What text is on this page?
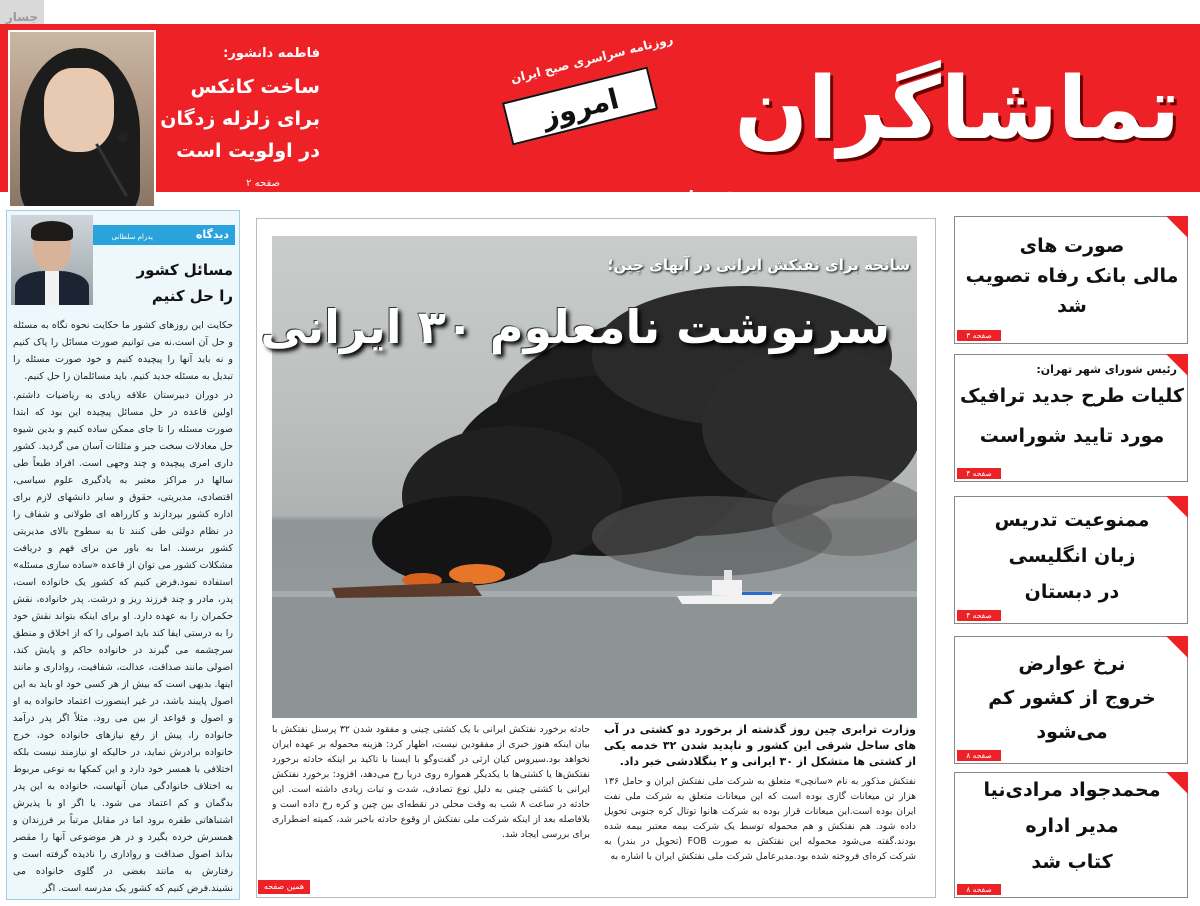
جسار
تماشاگران
امروز
روزنامه سراسری صبح ایران
شماره ۳۶۹ /روزنامه هنری، ورزشی و اجتماعی/ ۸ صفحه - دوشنبه ۱۸دی ۱۳۹۶
۱۰۰۰ تومان
فاطمه دانشور:
ساخت کانکس
برای زلزله زدگان
در اولویت است
صفحه ۲
دیدگاه
پدرام سلطانی
مسائل کشور
را حل کنیم

حکایت این روزهای کشور ما حکایت نحوه نگاه به مسئله و حل آن است.نه می توانیم صورت مسائل را پاک کنیم و نه باید آنها را پیچیده کنیم و خود صورت مسئله را تبدیل به مسئله جدید کنیم. باید مسائلمان را حل کنیم.

در دوران دبیرستان علاقه زیادی به ریاضیات داشتم. اولین قاعده در حل مسائل پیچیده این بود که ابتدا صورت مسئله را تا جای ممکن ساده کنیم و بدین شیوه حل معادلات سخت جبر و مثلثات آسان می گردید. کشور داری امری پیچیده و چند وجهی است. افراد طبعاً طی سالها در مراکز معتبر به یادگیری علوم سیاسی، اقتصادی، مدیریتی، حقوق و سایر دانشهای لازم برای اداره کشور بپردازند و کارراهه ای طولانی و شفاف را در نظام دولتی طی کنند تا به سطوح بالای مدیریتی کشور برسند. اما به باور من برای فهم و دریافت مشکلات کشور می توان از قاعده «ساده سازی مسئله» استفاده نمود.فرض کنیم که کشور یک خانواده است، پدر، مادر و چند فرزند ریز و درشت. پدر خانواده، نقش حکمران را به عهده دارد. او برای اینکه بتواند نقش خود را به درستی ایفا کند باید اصولی را که از اخلاق و منطق سرچشمه می گیرند در خانواده حاکم و پایش کند، اصولی مانند صداقت، عدالت، شفافیت، رواداری و مانند اینها. بدیهی است که بیش از هر کسی خود او باید به این اصول پایبند باشد، در غیر اینصورت اعتماد خانواده به او و اصول و قواعد از بین می رود. مثلاً اگر پدر درآمد خانواده را، پیش از رفع نیازهای خانواده خود، خرج خانواده برادرش نماید، در حالیکه او نیازمند نیست بلکه اختلافی با همسر خود دارد و این کمکها به نوعی مربوط به اختلاف خانوادگی میان آنهاست، خانواده به این پدر بدگمان و کم اعتماد می شود. یا اگر او با پذیرش اشتباهاتی طفره برود اما در مقابل مرتباً بر فرزندان و همسرش خرده بگیرد و در هر موضوعی آنها را مقصر بداند اصول صداقت و رواداری را نادیده گرفته است و رفتارش به مانند بغضی در گلوی خانواده می نشیند.فرض کنیم که کشور یک مدرسه است. اگر

سانحه برای نفتکش ایرانی در آبهای چین؛
سرنوشت نامعلوم ۳۰ ایرانی
وزارت ترابری چین روز گذشته از برخورد دو کشتی در آب های ساحل شرقی این کشور و ناپدید شدن ۳۲ خدمه یکی از کشتی ها متشکل از ۳۰ ایرانی و ۲ بنگلادشی خبر داد.
نفتکش مذکور به نام «سانچی» متعلق به شرکت ملی نفتکش ایران و حامل ۱۳۶ هزار تن میعانات گازی بوده است که این میعانات متعلق به شرکت ملی نفت ایران بوده است.این میعانات قرار بوده به شرکت هانوا توتال کره جنوبی تحویل داده شود. هم نفتکش و هم محموله توسط یک شرکت بیمه معتبر بیمه شده بودند.گفته می‌شود محموله این نفتکش به صورت FOB (تحویل در بندر) به شرکت کره‌ای فروخته شده بود.مدیرعامل شرکت ملی نفتکش ایران با اشاره به
حادثه برخورد نفتکش ایرانی با یک کشتی چینی و مفقود شدن ۳۲ پرسنل نفتکش با بیان اینکه هنوز خبری از مفقودین نیست، اظهار کرد: هزینه محموله بر عهده ایران نخواهد بود.سیروس کیان ارثی در گفت‌وگو با ایسنا با تاکید بر اینکه حادثه برخورد نفتکش‌ها یا کشتی‌ها با یکدیگر همواره روی دریا رخ می‌دهد، افزود: برخورد نفتکش ایرانی با کشتی چینی به دلیل نوع تصادف، شدت و تبات زیادی داشته است. این حادثه در ساعت ۸ شب به وقت محلی در نقطه‌ای بین چین و کره رخ داده است و بلافاصله بعد از اینکه شرکت ملی نفتکش از وقوع حادثه باخبر شد، کمیته اضطراری برای بررسی ایجاد شد.
همین صفحه
صورت های
مالی بانک رفاه تصویب
شد
صفحه ۳
رئیس شورای شهر تهران:
کلیات طرح جدید ترافیک
مورد تایید شوراست
صفحه ۴
ممنوعیت تدریس
زبان انگلیسی
در دبستان
صفحه ۴
نرخ عوارض
خروج از کشور کم
می‌شود
صفحه ۸
محمدجواد مرادی‌نیا
مدیر اداره
کتاب شد
صفحه ۸
